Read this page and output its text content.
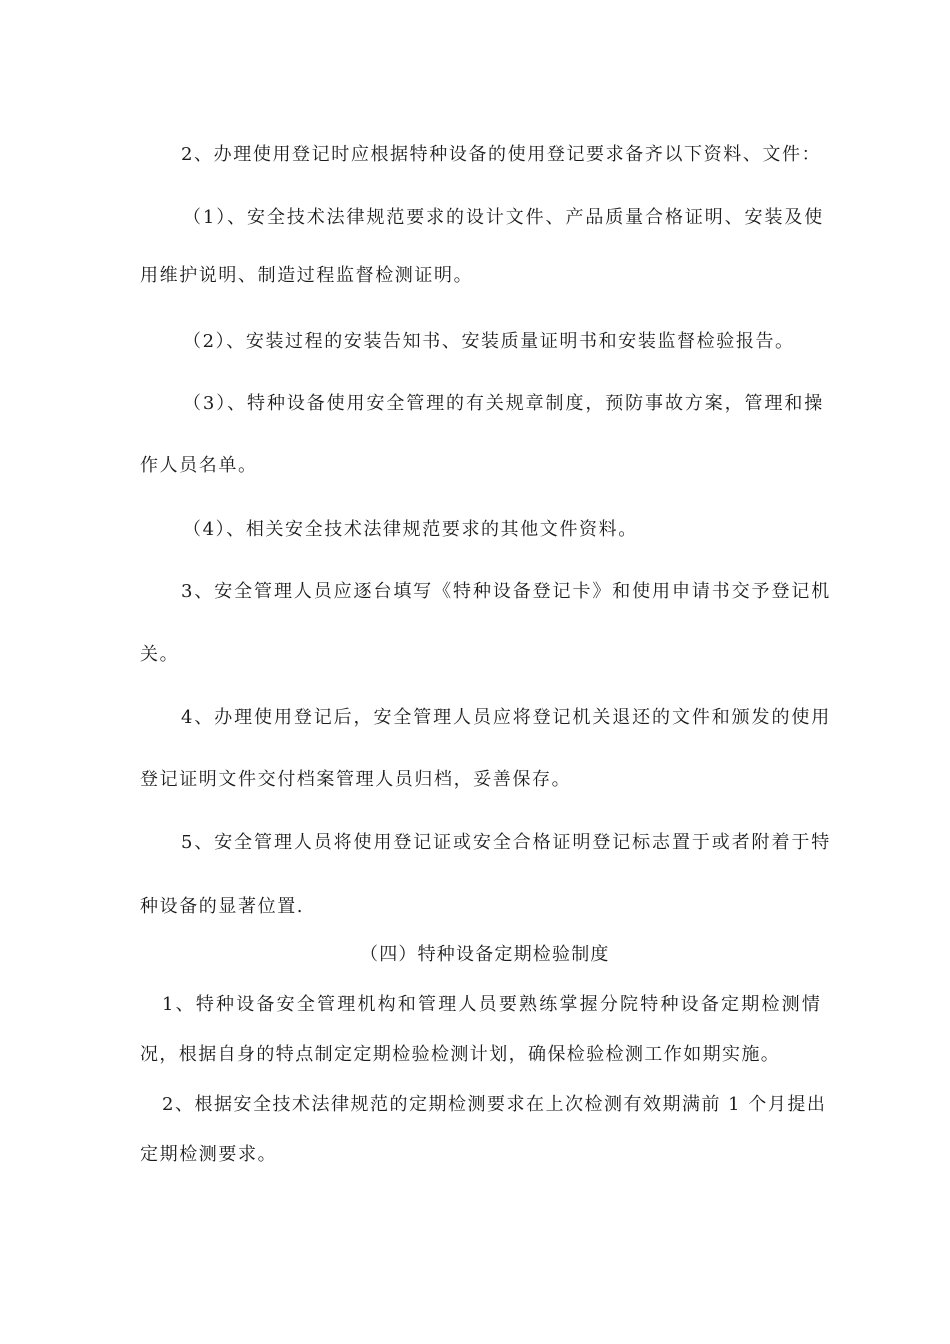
2、办理使用登记时应根据特种设备的使用登记要求备齐以下资料、文件：

（1）、安全技术法律规范要求的设计文件、产品质量合格证明、安装及使

用维护说明、制造过程监督检测证明。

（2）、安装过程的安装告知书、安装质量证明书和安装监督检验报告。

（3）、特种设备使用安全管理的有关规章制度，预防事故方案，管理和操

作人员名单。

（4）、相关安全技术法律规范要求的其他文件资料。

3、安全管理人员应逐台填写《特种设备登记卡》和使用申请书交予登记机

关。

4、办理使用登记后，安全管理人员应将登记机关退还的文件和颁发的使用

登记证明文件交付档案管理人员归档，妥善保存。

5、安全管理人员将使用登记证或安全合格证明登记标志置于或者附着于特

种设备的显著位置.

（四）特种设备定期检验制度

1、特种设备安全管理机构和管理人员要熟练掌握分院特种设备定期检测情

况，根据自身的特点制定定期检验检测计划，确保检验检测工作如期实施。

2、根据安全技术法律规范的定期检测要求在上次检测有效期满前 1 个月提出

定期检测要求。
